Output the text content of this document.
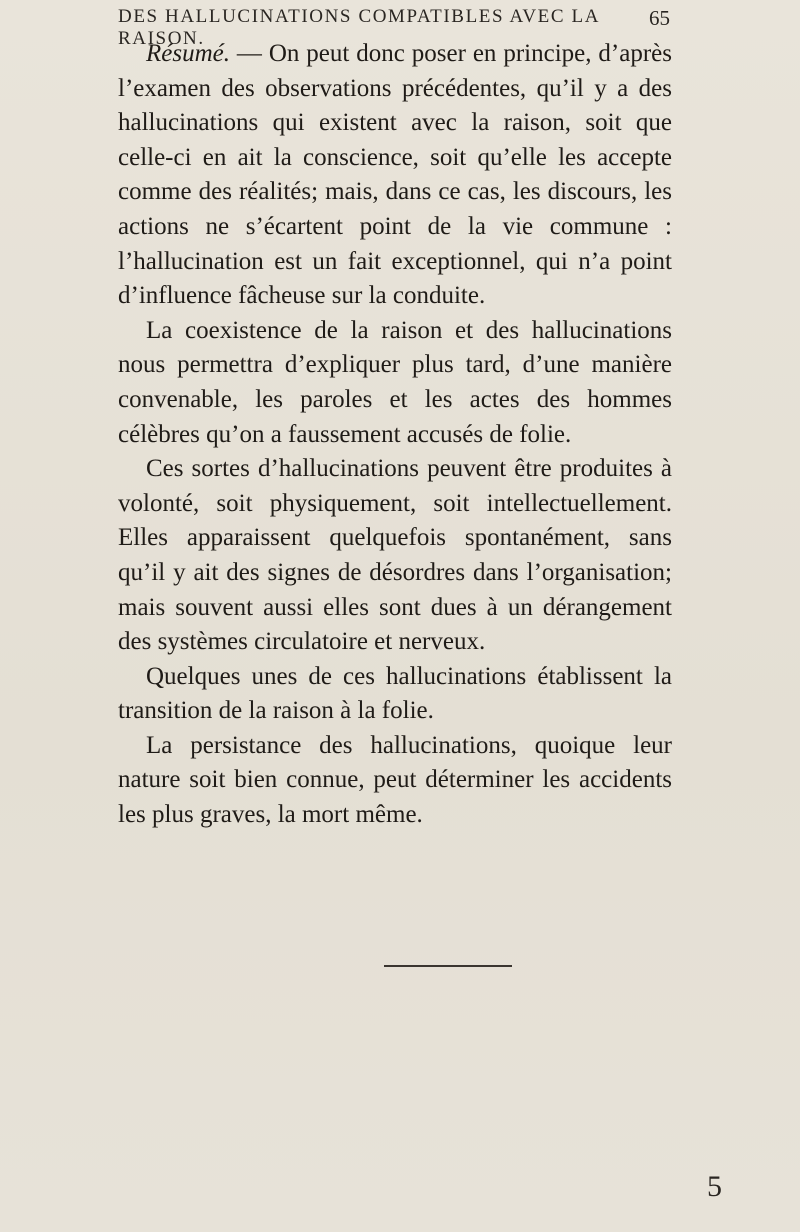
DES HALLUCINATIONS COMPATIBLES AVEC LA RAISON.
65

Résumé. — On peut donc poser en principe, d’après l’examen des observations précédentes, qu’il y a des hallucinations qui existent avec la raison, soit que celle-ci en ait la conscience, soit qu’elle les accepte comme des réalités; mais, dans ce cas, les discours, les actions ne s’écartent point de la vie commune : l’hallucination est un fait exceptionnel, qui n’a point d’influence fâcheuse sur la conduite.

La coexistence de la raison et des hallucinations nous permettra d’expliquer plus tard, d’une manière convenable, les paroles et les actes des hommes célèbres qu’on a faussement accusés de folie.

Ces sortes d’hallucinations peuvent être produites à volonté, soit physiquement, soit intellectuellement. Elles apparaissent quelquefois spontanément, sans qu’il y ait des signes de désordres dans l’organisation; mais souvent aussi elles sont dues à un dérangement des systèmes circulatoire et nerveux.

Quelques unes de ces hallucinations établissent la transition de la raison à la folie.

La persistance des hallucinations, quoique leur nature soit bien connue, peut déterminer les accidents les plus graves, la mort même.

5
